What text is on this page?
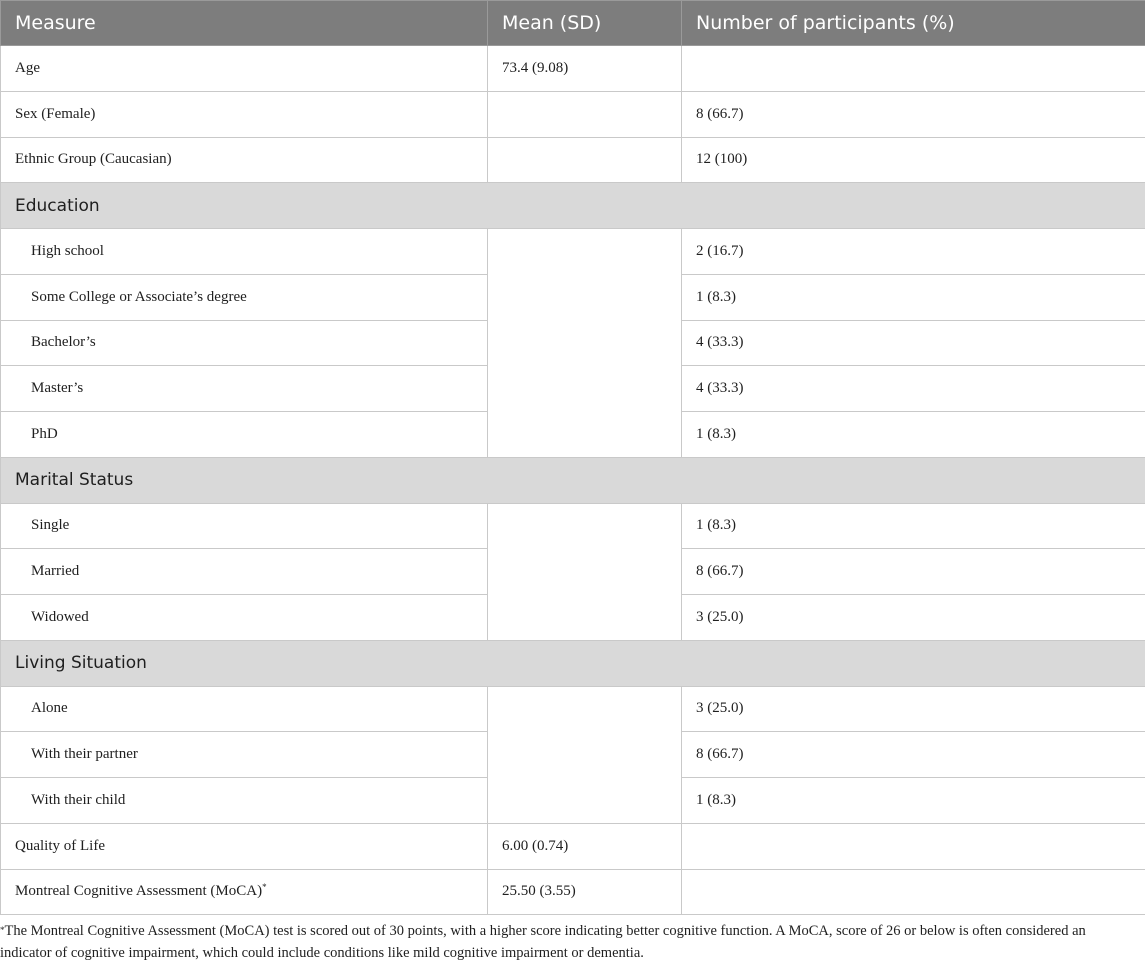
Measure	Mean (SD)	Number of participants (%)
Age	73.4 (9.08)	
Sex (Female)		8 (66.7)
Ethnic Group (Caucasian)		12 (100)
Education		
High school		2 (16.7)
Some College or Associate’s degree		1 (8.3)
Bachelor’s		4 (33.3)
Master’s		4 (33.3)
PhD		1 (8.3)
Marital Status		
Single		1 (8.3)
Married		8 (66.7)
Widowed		3 (25.0)
Living Situation		
Alone		3 (25.0)
With their partner		8 (66.7)
With their child		1 (8.3)
Quality of Life	6.00 (0.74)	
Montreal Cognitive Assessment (MoCA)*	25.50 (3.55)	
*The Montreal Cognitive Assessment (MoCA) test is scored out of 30 points, with a higher score indicating better cognitive function. A MoCA, score of 26 or below is often considered an indicator of cognitive impairment, which could include conditions like mild cognitive impairment or dementia.
